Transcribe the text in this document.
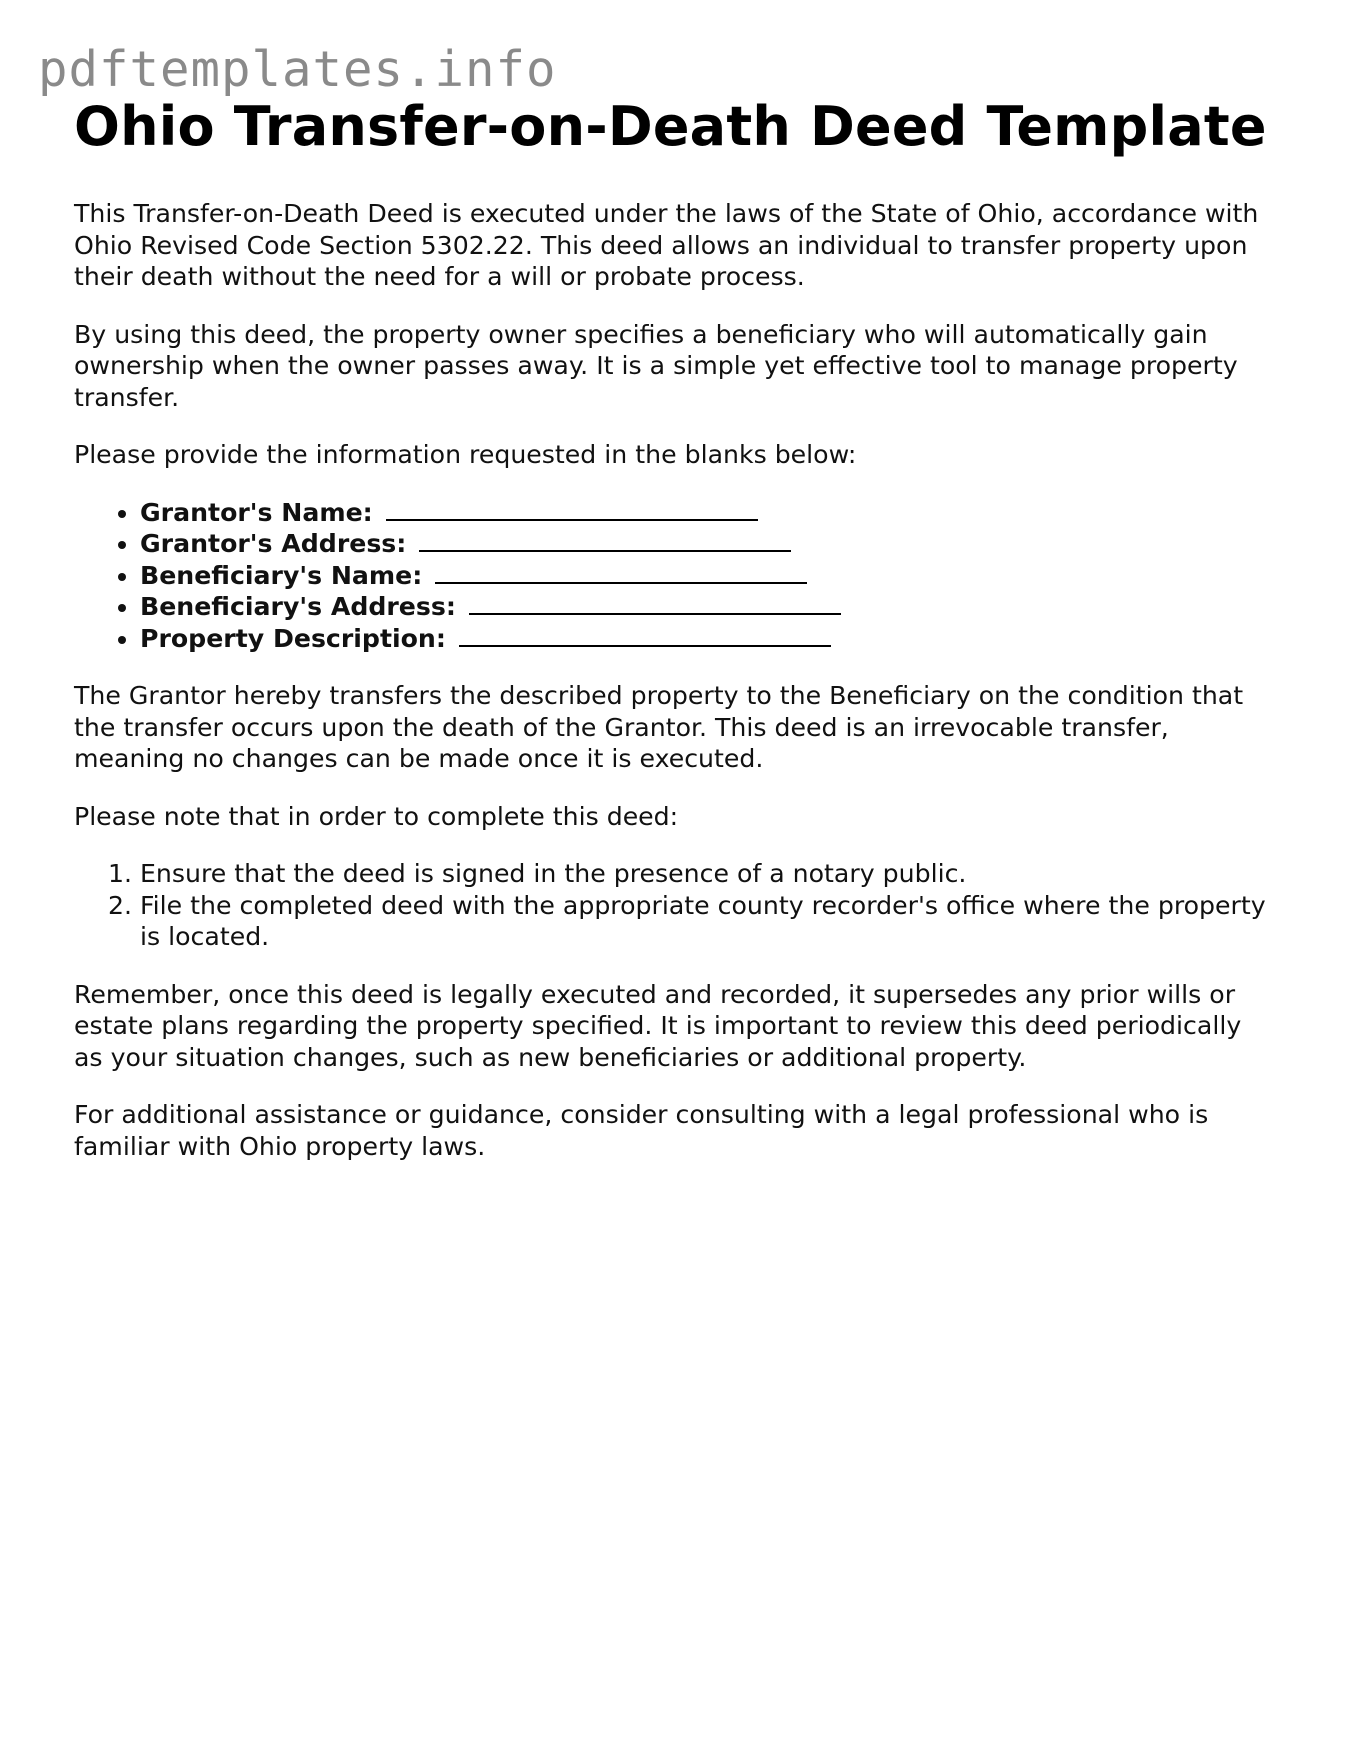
pdftemplates.info
Ohio Transfer-on-Death Deed Template

This Transfer-on-Death Deed is executed under the laws of the State of Ohio, accordance with Ohio Revised Code Section 5302.22. This deed allows an individual to transfer property upon their death without the need for a will or probate process.

By using this deed, the property owner specifies a beneficiary who will automatically gain ownership when the owner passes away. It is a simple yet effective tool to manage property transfer.

Please provide the information requested in the blanks below:

• Grantor's Name:
• Grantor's Address:
• Beneficiary's Name:
• Beneficiary's Address:
• Property Description:

The Grantor hereby transfers the described property to the Beneficiary on the condition that the transfer occurs upon the death of the Grantor. This deed is an irrevocable transfer, meaning no changes can be made once it is executed.

Please note that in order to complete this deed:

1. Ensure that the deed is signed in the presence of a notary public.
2. File the completed deed with the appropriate county recorder's office where the property is located.

Remember, once this deed is legally executed and recorded, it supersedes any prior wills or estate plans regarding the property specified. It is important to review this deed periodically as your situation changes, such as new beneficiaries or additional property.

For additional assistance or guidance, consider consulting with a legal professional who is familiar with Ohio property laws.
